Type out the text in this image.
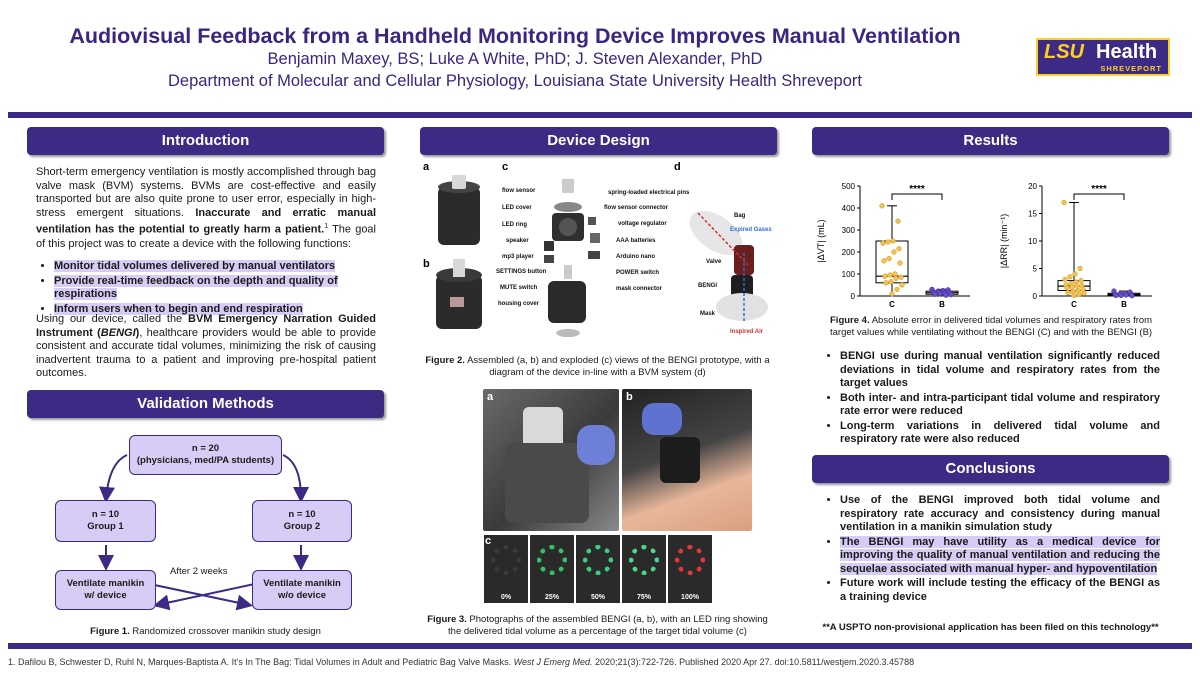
Audiovisual Feedback from a Handheld Monitoring Device Improves Manual Ventilation
Benjamin Maxey, BS; Luke A White, PhD; J. Steven Alexander, PhD
Department of Molecular and Cellular Physiology, Louisiana State University Health Shreveport
LSU Health
SHREVEPORT
Introduction
Short-term emergency ventilation is mostly accomplished through bag valve mask (BVM) systems. BVMs are cost-effective and easily transported but are also quite prone to user error, especially in high-stress emergent situations. Inaccurate and erratic manual ventilation has the potential to greatly harm a patient.$^1$ The goal of this project was to create a device with the following functions:
• Monitor tidal volumes delivered by manual ventilators
• Provide real-time feedback on the depth and quality of respirations
• Inform users when to begin and end respiration
Using our device, called the BVM Emergency Narration Guided Instrument (BENGI), healthcare providers would be able to provide consistent and accurate tidal volumes, minimizing the risk of causing inadvertent trauma to a patient and improving pre-hospital patient outcomes.
Validation Methods
n = 20
(physicians, med/PA students)
n = 10
Group 1
n = 10
Group 2
Ventilate manikin
w/ device
Ventilate manikin
w/o device
After 2 weeks
Figure 1. Randomized crossover manikin study design
Device Design
flow sensor
LED cover
LED ring
speaker
mp3 player
SETTINGS button
MUTE switch
housing cover
spring-loaded electrical pins
flow sensor connector
voltage regulator
AAA batteries
Arduino nano
POWER switch
mask connector
Bag
Expired Gases
Valve
BENGI
Mask
Inspired Air
a
b
c	d
Figure 2. Assembled (a, b) and exploded (c) views of the BENGI prototype, with a diagram of the device in-line with a BVM system (d)
a	b
c
Figure 3. Photographs of the assembled BENGI (a, b), with an LED ring showing the delivered tidal volume as a percentage of the target tidal volume (c)
Results
0
100
200
300
400
500
|ΔVT| (mL)
C	B
****
0
5
10
15
20
|ΔRR| (min⁻¹)
C	B
****
Figure 4. Absolute error in delivered tidal volumes and respiratory rates from target values while ventilating without the BENGI (C) and with the BENGI (B)
• BENGI use during manual ventilation significantly reduced deviations in tidal volume and respiratory rates from the target values
• Both inter- and intra-participant tidal volume and respiratory rate error were reduced
• Long-term variations in delivered tidal volume and respiratory rate were also reduced
Conclusions
• Use of the BENGI improved both tidal volume and respiratory rate accuracy and consistency during manual ventilation in a manikin simulation study
• The BENGI may have utility as a medical device for improving the quality of manual ventilation and reducing the sequelae associated with manual hyper- and hypoventilation
• Future work will include testing the efficacy of the BENGI as a training device
**A USPTO non-provisional application has been filed on this technology**
1. Dafilou B, Schwester D, Ruhl N, Marques-Baptista A. It's In The Bag: Tidal Volumes in Adult and Pediatric Bag Valve Masks. West J Emerg Med. 2020;21(3):722-726. Published 2020 Apr 27. doi:10.5811/westjem.2020.3.45788
0%	25%	50%	75%	100%
